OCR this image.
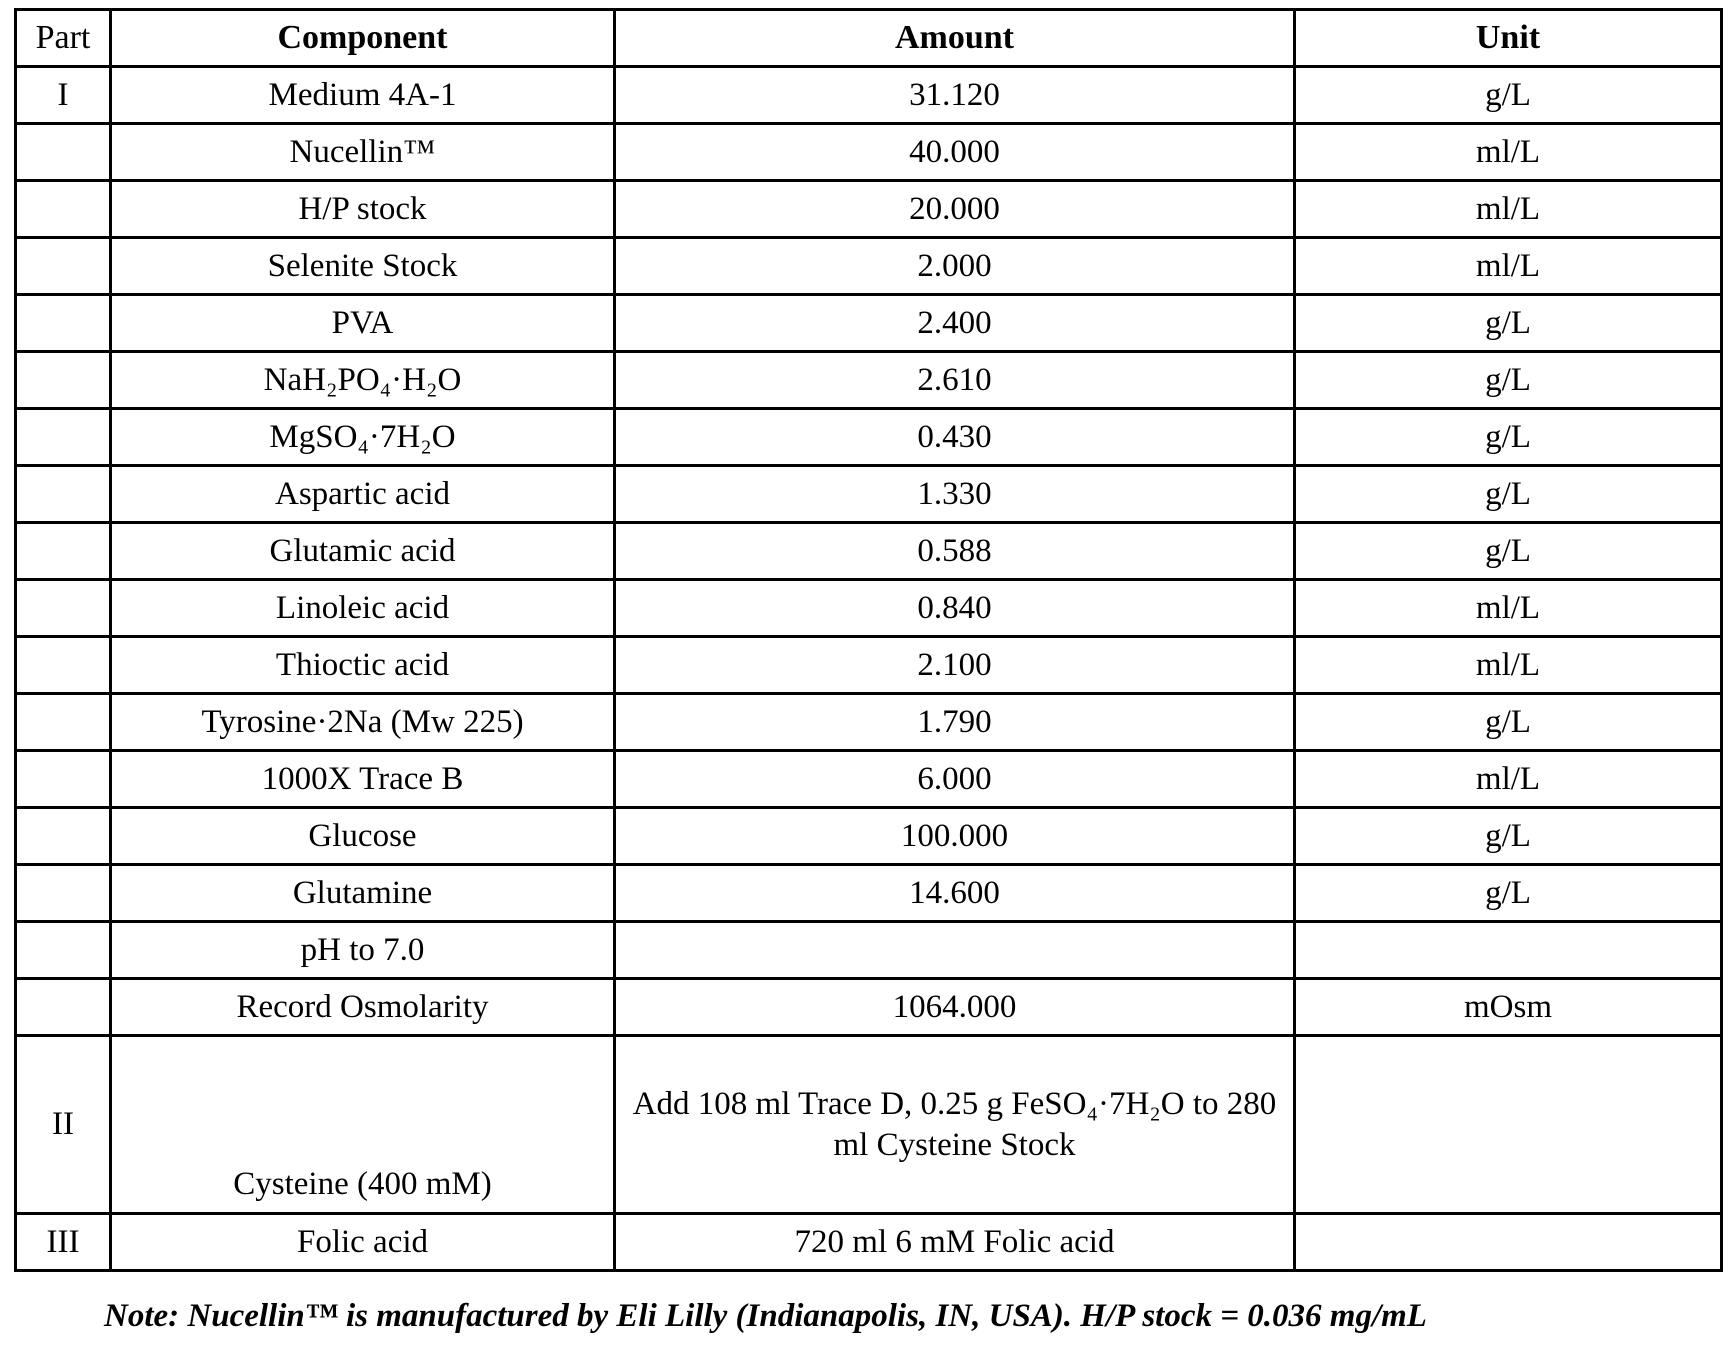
Part	Component	Amount	Unit
I	Medium 4A-1	31.120	g/L
	Nucellin™	40.000	ml/L
	H/P stock	20.000	ml/L
	Selenite Stock	2.000	ml/L
	PVA	2.400	g/L
	NaH₂PO₄·H₂O	2.610	g/L
	MgSO₄·7H₂O	0.430	g/L
	Aspartic acid	1.330	g/L
	Glutamic acid	0.588	g/L
	Linoleic acid	0.840	ml/L
	Thioctic acid	2.100	ml/L
	Tyrosine·2Na (Mw 225)	1.790	g/L
	1000X Trace B	6.000	ml/L
	Glucose	100.000	g/L
	Glutamine	14.600	g/L
	pH to 7.0		
	Record Osmolarity	1064.000	mOsm
II	Cysteine (400 mM)	Add 108 ml Trace D, 0.25 g FeSO₄·7H₂O to 280 ml Cysteine Stock	
III	Folic acid	720 ml 6 mM Folic acid	
Note: Nucellin™ is manufactured by Eli Lilly (Indianapolis, IN, USA). H/P stock = 0.036 mg/mL
